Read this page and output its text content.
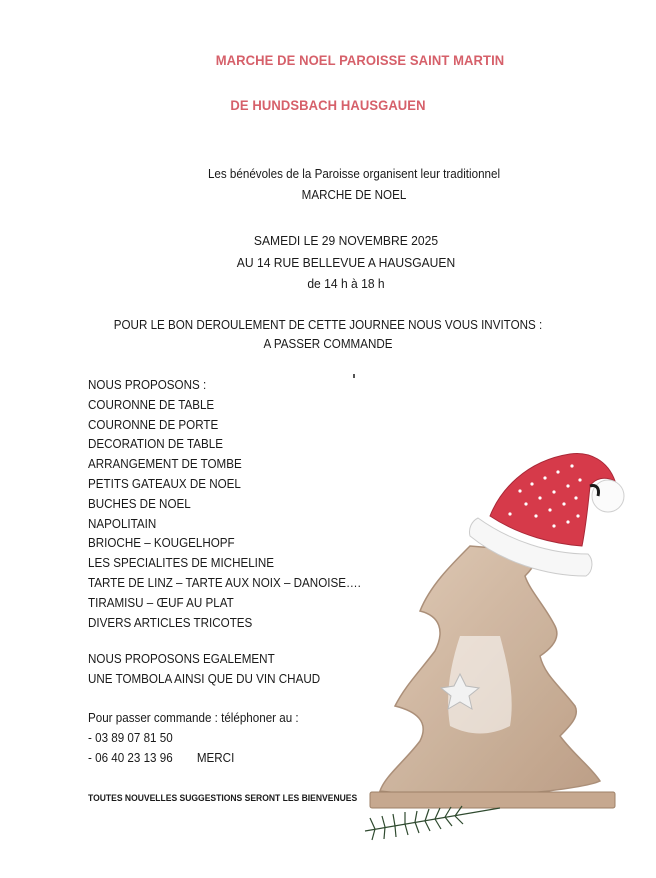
MARCHE DE NOEL PAROISSE SAINT MARTIN
DE HUNDSBACH HAUSGAUEN
Les bénévoles de la Paroisse organisent leur traditionnel
MARCHE DE NOEL
SAMEDI LE 29 NOVEMBRE 2025
AU 14 RUE BELLEVUE A HAUSGAUEN
de 14 h à 18 h
POUR LE BON DEROULEMENT DE CETTE JOURNEE NOUS VOUS INVITONS :
A PASSER COMMANDE
NOUS PROPOSONS :
COURONNE DE TABLE
COURONNE DE PORTE
DECORATION DE TABLE
ARRANGEMENT DE TOMBE
PETITS GATEAUX DE NOEL
BUCHES DE NOEL
NAPOLITAIN
BRIOCHE – KOUGELHOPF
LES SPECIALITES DE MICHELINE
TARTE DE LINZ – TARTE AUX NOIX – DANOISE….
TIRAMISU – ŒUF AU PLAT
DIVERS ARTICLES TRICOTES
NOUS PROPOSONS EGALEMENT
UNE TOMBOLA AINSI QUE DU VIN CHAUD
Pour passer commande : téléphoner au :
- 03 89 07 81 50
- 06 40 23 13 96 MERCI
TOUTES NOUVELLES SUGGESTIONS SERONT LES BIENVENUES
